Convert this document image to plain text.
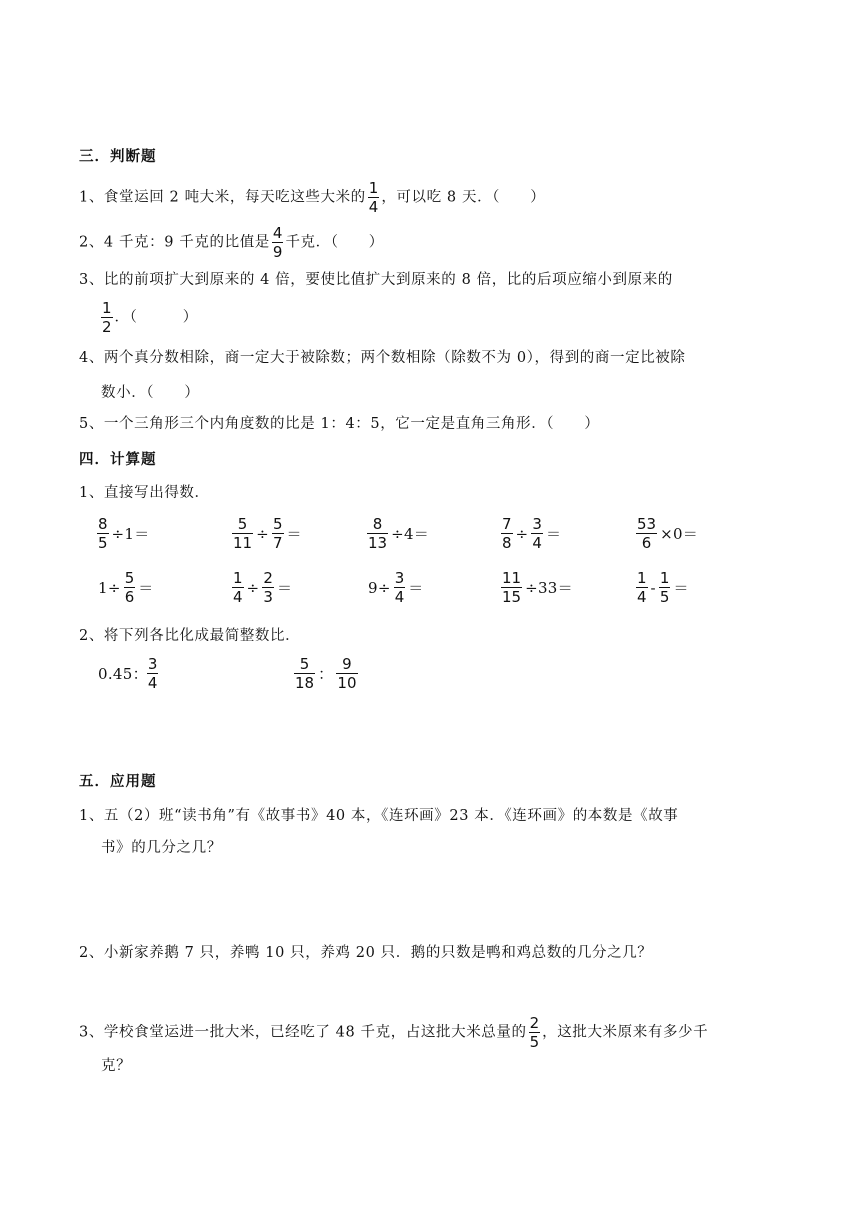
三．判断题
1、食堂运回 2 吨大米，每天吃这些大米的 $\frac{1}{4}$ ，可以吃 8 天．（　　）
2、4 千克：9 千克的比值是 $\frac{4}{9}$ 千克．（　　）
3、比的前项扩大到原来的 4 倍，要使比值扩大到原来的 8 倍，比的后项应缩小到原来的
$\frac{1}{2}$ ．（　　　）
4、两个真分数相除，商一定大于被除数；两个数相除（除数不为 0），得到的商一定比被除
数小．（　　）
5、一个三角形三个内角度数的比是 1：4：5，它一定是直角三角形．（　　）
四．计算题
1、直接写出得数．
$\frac{8}{5} \div 1=$	$\frac{5}{11} \div \frac{5}{7}$ ＝	$\frac{8}{13} \div 4=$	$\frac{7}{8} \div \frac{3}{4}$ ＝	$\frac{53}{6} \times 0=$
$1\div \frac{5}{6}$ ＝	$\frac{1}{4} \div \frac{2}{3}$ ＝	$9\div \frac{3}{4}$ ＝	$\frac{11}{15} \div 33=$	$\frac{1}{4} - \frac{1}{5}$ ＝
2、将下列各比化成最简整数比．
0.45： $\frac{3}{4}$	$\frac{5}{18}$ ： $\frac{9}{10}$
五．应用题
1、五（2）班“读书角”有《故事书》40 本，《连环画》23 本．《连环画》的本数是《故事
书》的几分之几？
2、小新家养鹅 7 只，养鸭 10 只，养鸡 20 只．鹅的只数是鸭和鸡总数的几分之几？
3、学校食堂运进一批大米，已经吃了 48 千克，占这批大米总量的 $\frac{2}{5}$ ，这批大米原来有多少千
克？
